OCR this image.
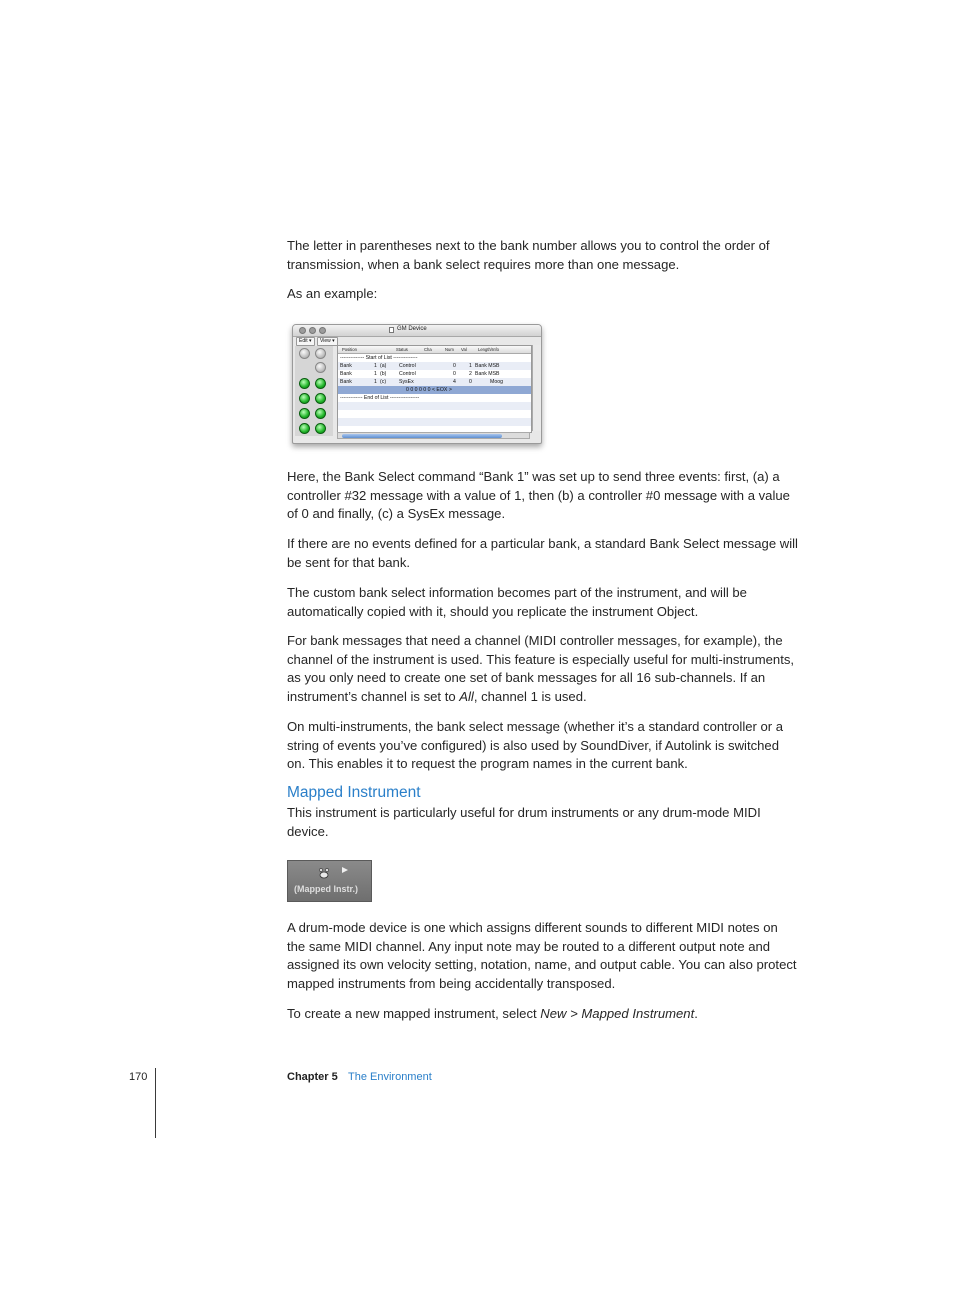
The letter in parentheses next to the bank number allows you to control the order of transmission, when a bank select requires more than one message.

As an example:

GM Device
Edit ▾	View ▾
Position	Status	Cha	Num Val	Length/Info
-------------- Start of List --------------
Bank	1 (a) Control	0	1 Bank MSB
Bank	1 (b) Control	0	2 Bank MSB
Bank	1 (c) SysEx	4	0	Moog
0 0 0 0 0 0 < EOX >
------------- End of List -----------------

Here, the Bank Select command “Bank 1” was set up to send three events: first, (a) a controller #32 message with a value of 1, then (b) a controller #0 message with a value of 0 and finally, (c) a SysEx message.

If there are no events defined for a particular bank, a standard Bank Select message will be sent for that bank.

The custom bank select information becomes part of the instrument, and will be automatically copied with it, should you replicate the instrument Object.

For bank messages that need a channel (MIDI controller messages, for example), the channel of the instrument is used. This feature is especially useful for multi-instruments, as you only need to create one set of bank messages for all 16 sub-channels. If an instrument’s channel is set to All, channel 1 is used.

On multi-instruments, the bank select message (whether it’s a standard controller or a string of events you’ve configured) is also used by SoundDiver, if Autolink is switched on. This enables it to request the program names in the current bank.

Mapped Instrument

This instrument is particularly useful for drum instruments or any drum-mode MIDI device.

(Mapped Instr.)

A drum-mode device is one which assigns different sounds to different MIDI notes on the same MIDI channel. Any input note may be routed to a different output note and assigned its own velocity setting, notation, name, and output cable. You can also protect mapped instruments from being accidentally transposed.

To create a new mapped instrument, select New > Mapped Instrument.

170	Chapter 5 The Environment
